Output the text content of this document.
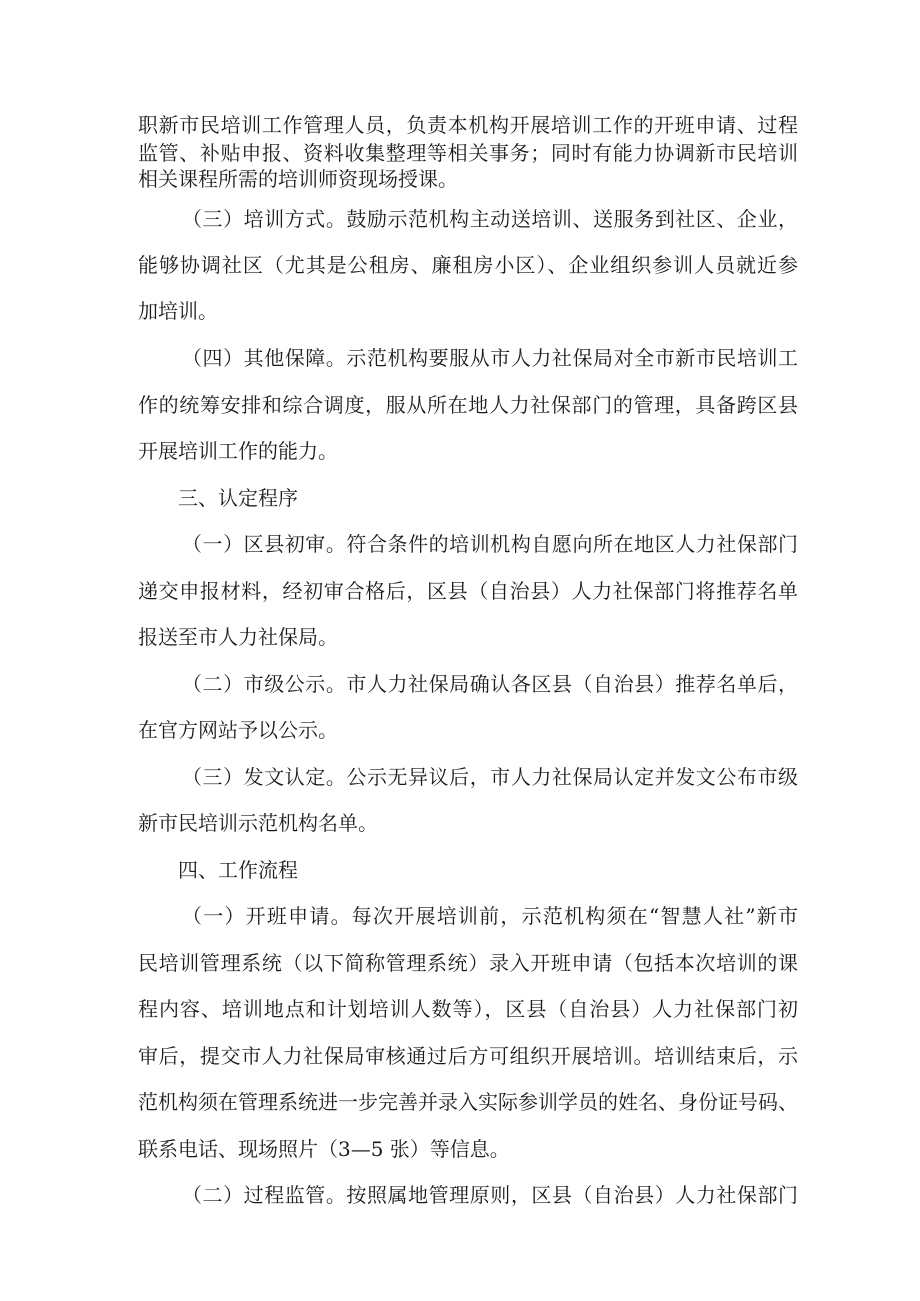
职新市民培训工作管理人员，负责本机构开展培训工作的开班申请、过程
监管、补贴申报、资料收集整理等相关事务；同时有能力协调新市民培训
相关课程所需的培训师资现场授课。
（三）培训方式。鼓励示范机构主动送培训、送服务到社区、企业，
能够协调社区（尤其是公租房、廉租房小区）、企业组织参训人员就近参
加培训。
（四）其他保障。示范机构要服从市人力社保局对全市新市民培训工
作的统筹安排和综合调度，服从所在地人力社保部门的管理，具备跨区县
开展培训工作的能力。
三、认定程序
（一）区县初审。符合条件的培训机构自愿向所在地区人力社保部门
递交申报材料，经初审合格后，区县（自治县）人力社保部门将推荐名单
报送至市人力社保局。
（二）市级公示。市人力社保局确认各区县（自治县）推荐名单后，
在官方网站予以公示。
（三）发文认定。公示无异议后，市人力社保局认定并发文公布市级
新市民培训示范机构名单。
四、工作流程
（一）开班申请。每次开展培训前，示范机构须在“智慧人社”新市
民培训管理系统（以下简称管理系统）录入开班申请（包括本次培训的课
程内容、培训地点和计划培训人数等），区县（自治县）人力社保部门初
审后，提交市人力社保局审核通过后方可组织开展培训。培训结束后，示
范机构须在管理系统进一步完善并录入实际参训学员的姓名、身份证号码、
联系电话、现场照片（3—5 张）等信息。
（二）过程监管。按照属地管理原则，区县（自治县）人力社保部门
